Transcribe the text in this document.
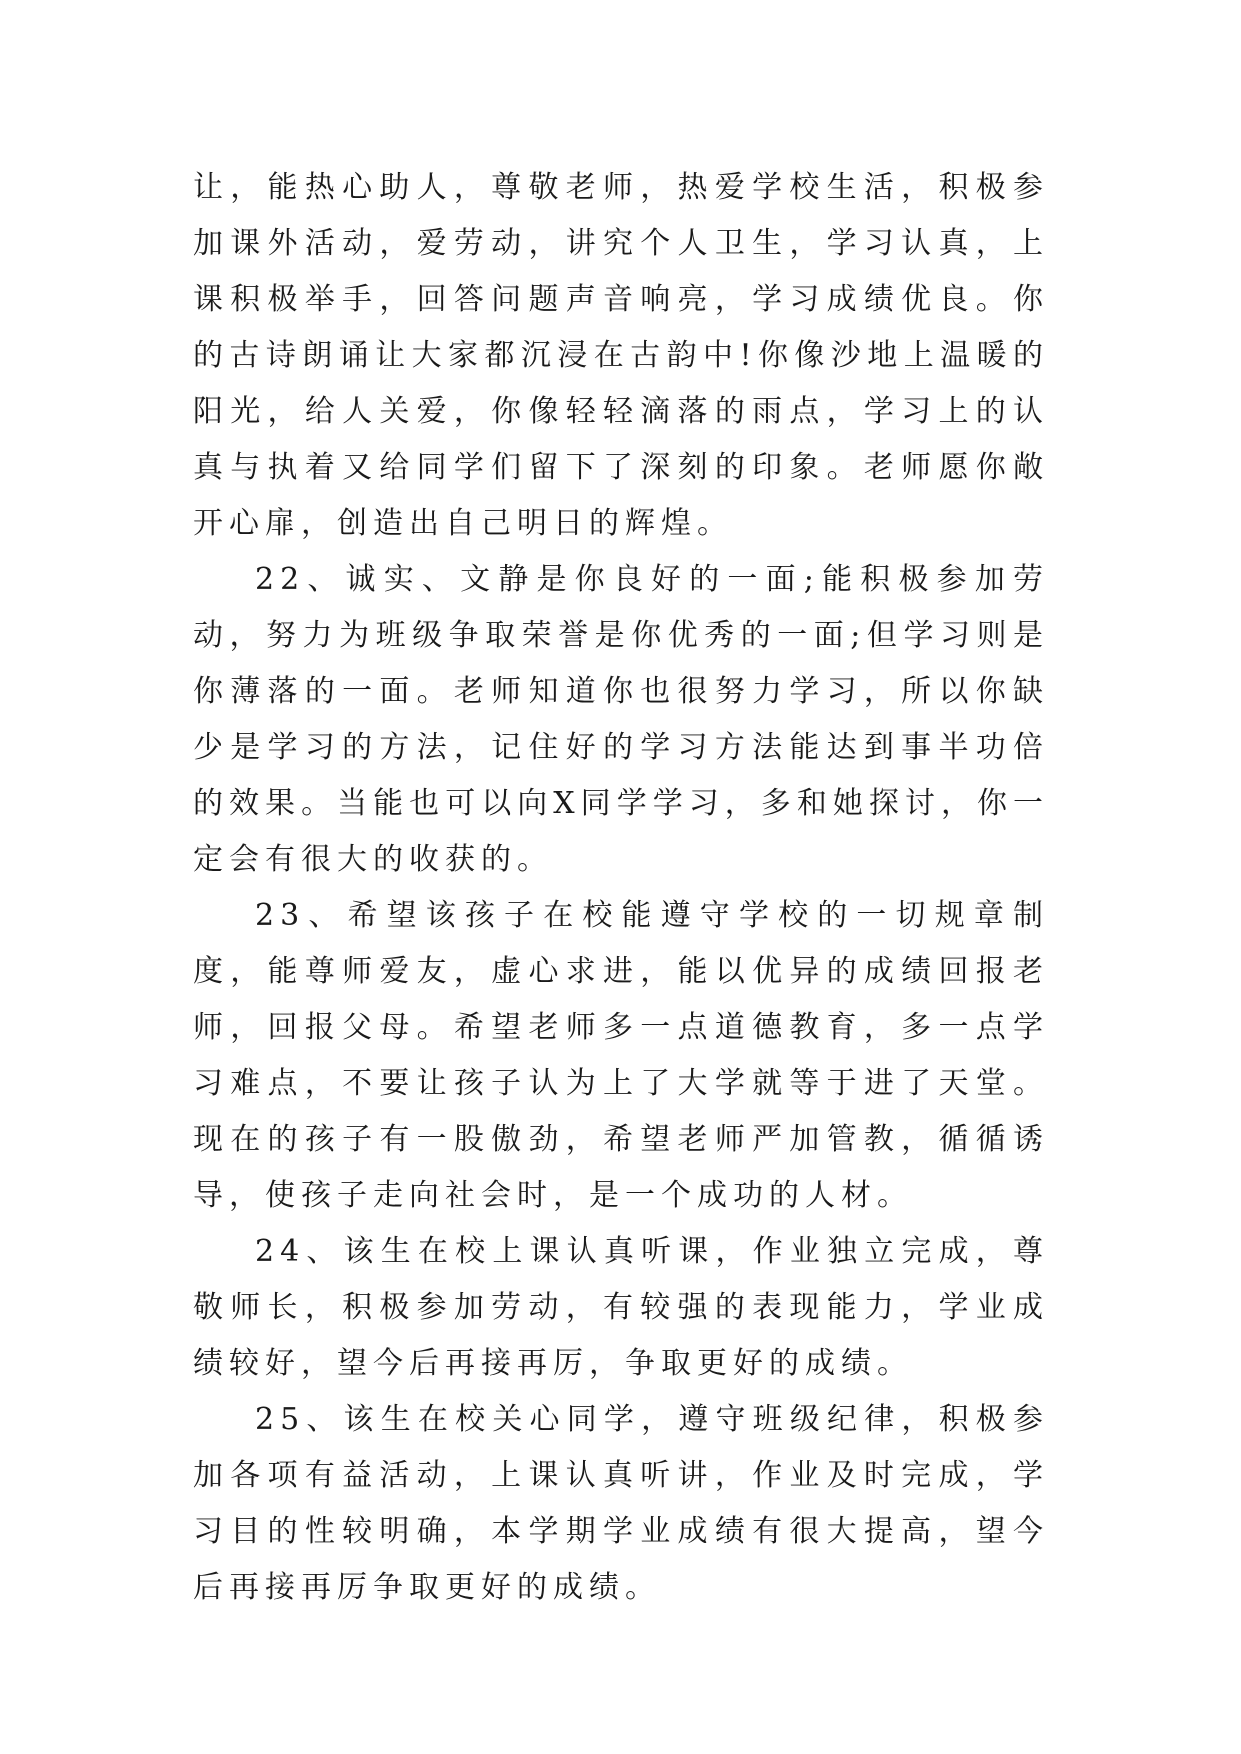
让，能热心助人，尊敬老师，热爱学校生活，积极参加课外活动，爱劳动，讲究个人卫生，学习认真，上课积极举手，回答问题声音响亮，学习成绩优良。你的古诗朗诵让大家都沉浸在古韵中!你像沙地上温暖的阳光，给人关爱，你像轻轻滴落的雨点，学习上的认真与执着又给同学们留下了深刻的印象。老师愿你敞开心扉，创造出自己明日的辉煌。

22、诚实、文静是你良好的一面;能积极参加劳动，努力为班级争取荣誉是你优秀的一面;但学习则是你薄落的一面。老师知道你也很努力学习，所以你缺少是学习的方法，记住好的学习方法能达到事半功倍的效果。当能也可以向X同学学习，多和她探讨，你一定会有很大的收获的。

23、希望该孩子在校能遵守学校的一切规章制度，能尊师爱友，虚心求进，能以优异的成绩回报老师，回报父母。希望老师多一点道德教育，多一点学习难点，不要让孩子认为上了大学就等于进了天堂。现在的孩子有一股傲劲，希望老师严加管教，循循诱导，使孩子走向社会时，是一个成功的人材。

24、该生在校上课认真听课，作业独立完成，尊敬师长，积极参加劳动，有较强的表现能力，学业成绩较好，望今后再接再厉，争取更好的成绩。

25、该生在校关心同学，遵守班级纪律，积极参加各项有益活动，上课认真听讲，作业及时完成，学习目的性较明确，本学期学业成绩有很大提高，望今后再接再厉争取更好的成绩。
